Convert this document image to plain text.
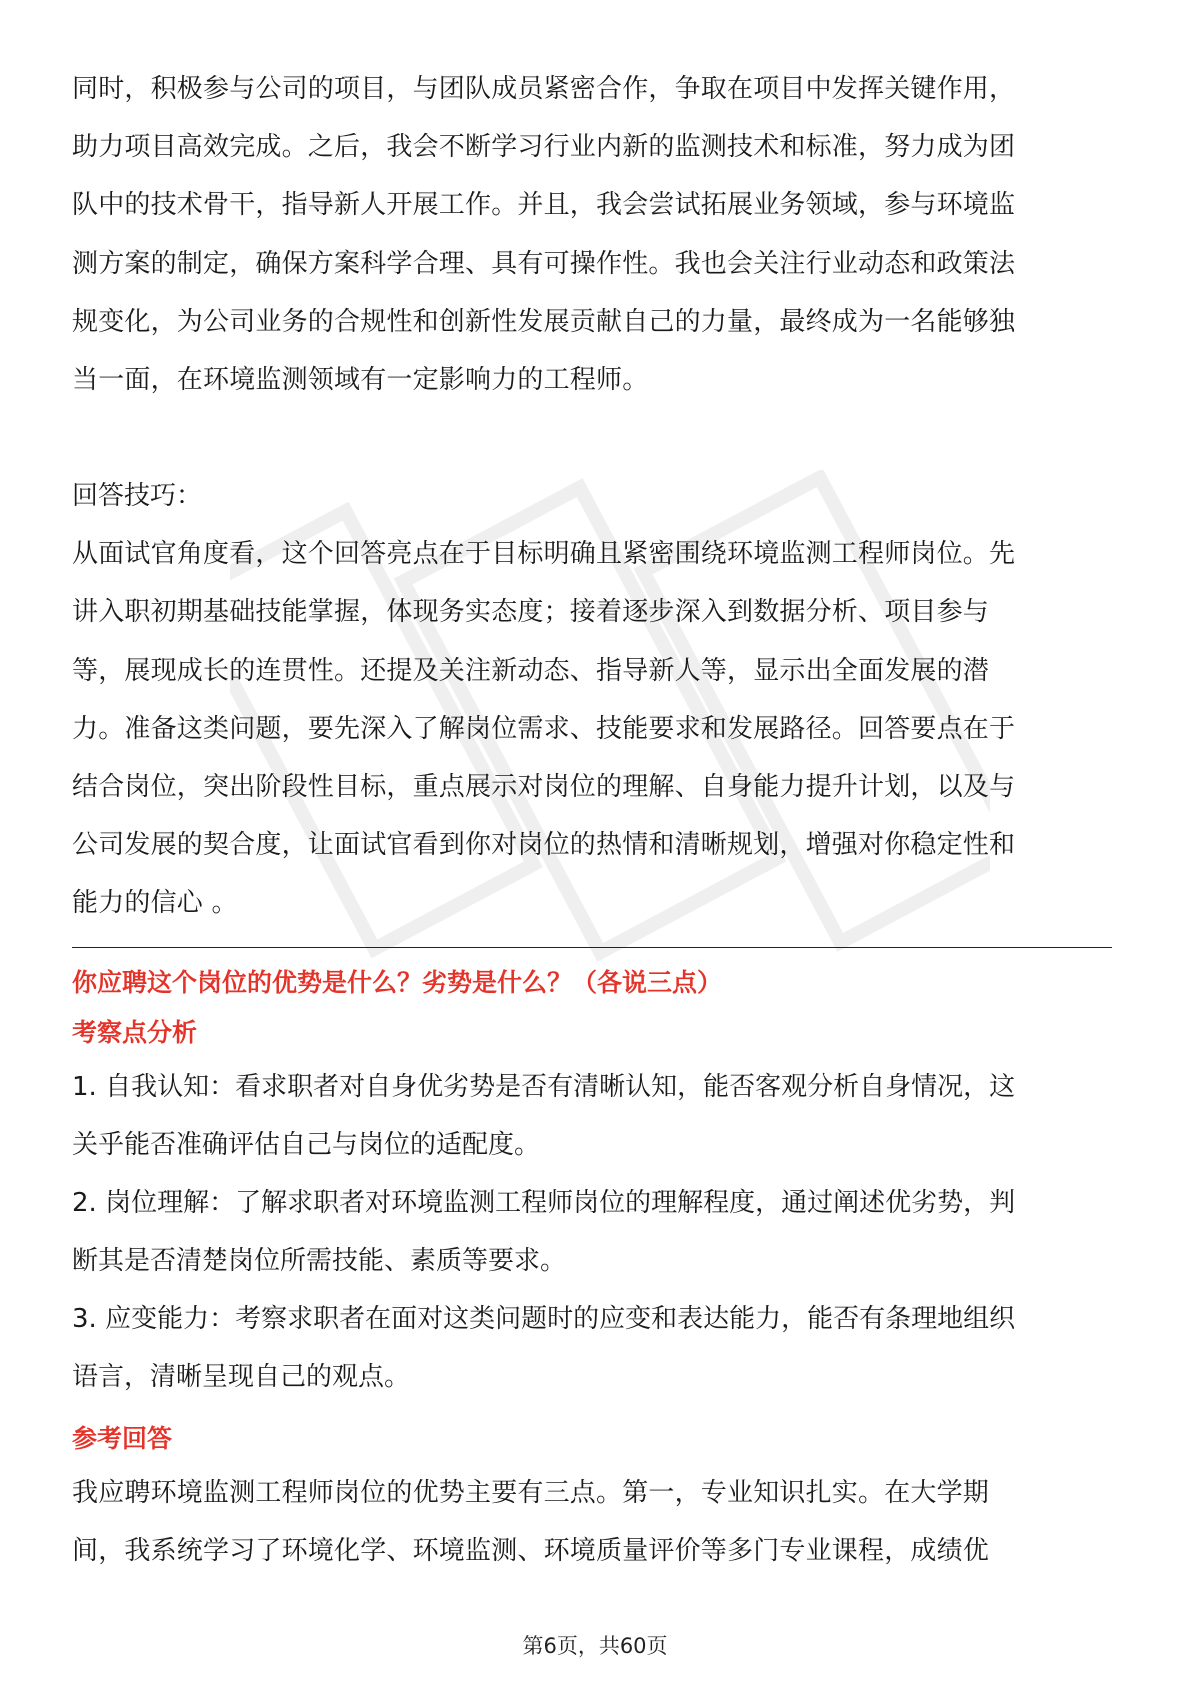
同时，积极参与公司的项目，与团队成员紧密合作，争取在项目中发挥关键作用，

助力项目高效完成。之后，我会不断学习行业内新的监测技术和标准，努力成为团

队中的技术骨干，指导新人开展工作。并且，我会尝试拓展业务领域，参与环境监

测方案的制定，确保方案科学合理、具有可操作性。我也会关注行业动态和政策法

规变化，为公司业务的合规性和创新性发展贡献自己的力量，最终成为一名能够独

当一面，在环境监测领域有一定影响力的工程师。

回答技巧：

从面试官角度看，这个回答亮点在于目标明确且紧密围绕环境监测工程师岗位。先

讲入职初期基础技能掌握，体现务实态度；接着逐步深入到数据分析、项目参与

等，展现成长的连贯性。还提及关注新动态、指导新人等，显示出全面发展的潜

力。准备这类问题，要先深入了解岗位需求、技能要求和发展路径。回答要点在于

结合岗位，突出阶段性目标，重点展示对岗位的理解、自身能力提升计划，以及与

公司发展的契合度，让面试官看到你对岗位的热情和清晰规划，增强对你稳定性和

能力的信心 。

你应聘这个岗位的优势是什么？劣势是什么？（各说三点）

考察点分析

1. 自我认知：看求职者对自身优劣势是否有清晰认知，能否客观分析自身情况，这

关乎能否准确评估自己与岗位的适配度。

2. 岗位理解：了解求职者对环境监测工程师岗位的理解程度，通过阐述优劣势，判

断其是否清楚岗位所需技能、素质等要求。

3. 应变能力：考察求职者在面对这类问题时的应变和表达能力，能否有条理地组织

语言，清晰呈现自己的观点。

参考回答

我应聘环境监测工程师岗位的优势主要有三点。第一，专业知识扎实。在大学期

间，我系统学习了环境化学、环境监测、环境质量评价等多门专业课程，成绩优

第6页，共60页
